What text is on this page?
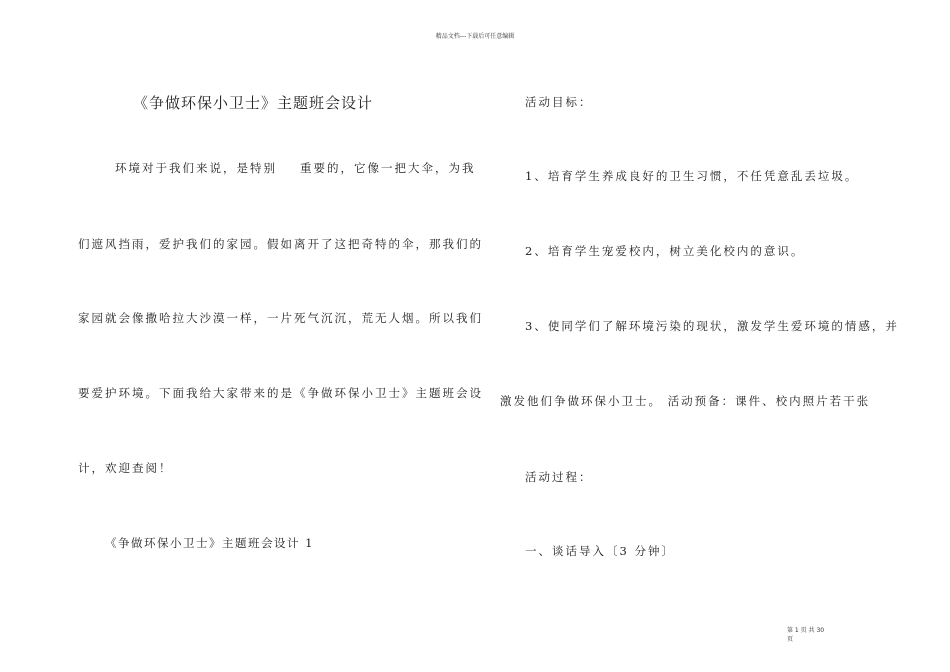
精品文档---下载后可任意编辑
《争做环保小卫士》主题班会设计
环境对于我们来说，是特别 重要的，它像一把大伞，为我
们遮风挡雨，爱护我们的家园。假如离开了这把奇特的伞，那我们的
家园就会像撒哈拉大沙漠一样，一片死气沉沉，荒无人烟。所以我们
要爱护环境。下面我给大家带来的是《争做环保小卫士》主题班会设
计，欢迎查阅！
《争做环保小卫士》主题班会设计 1
活动目标：
1、培育学生养成良好的卫生习惯，不任凭意乱丢垃圾。
2、培育学生宠爱校内，树立美化校内的意识。
3、使同学们了解环境污染的现状，激发学生爱环境的情感，并
激发他们争做环保小卫士。 活动预备：课件、校内照片若干张
活动过程：
一、谈话导入〔3 分钟〕
第 1 页 共 30
页
